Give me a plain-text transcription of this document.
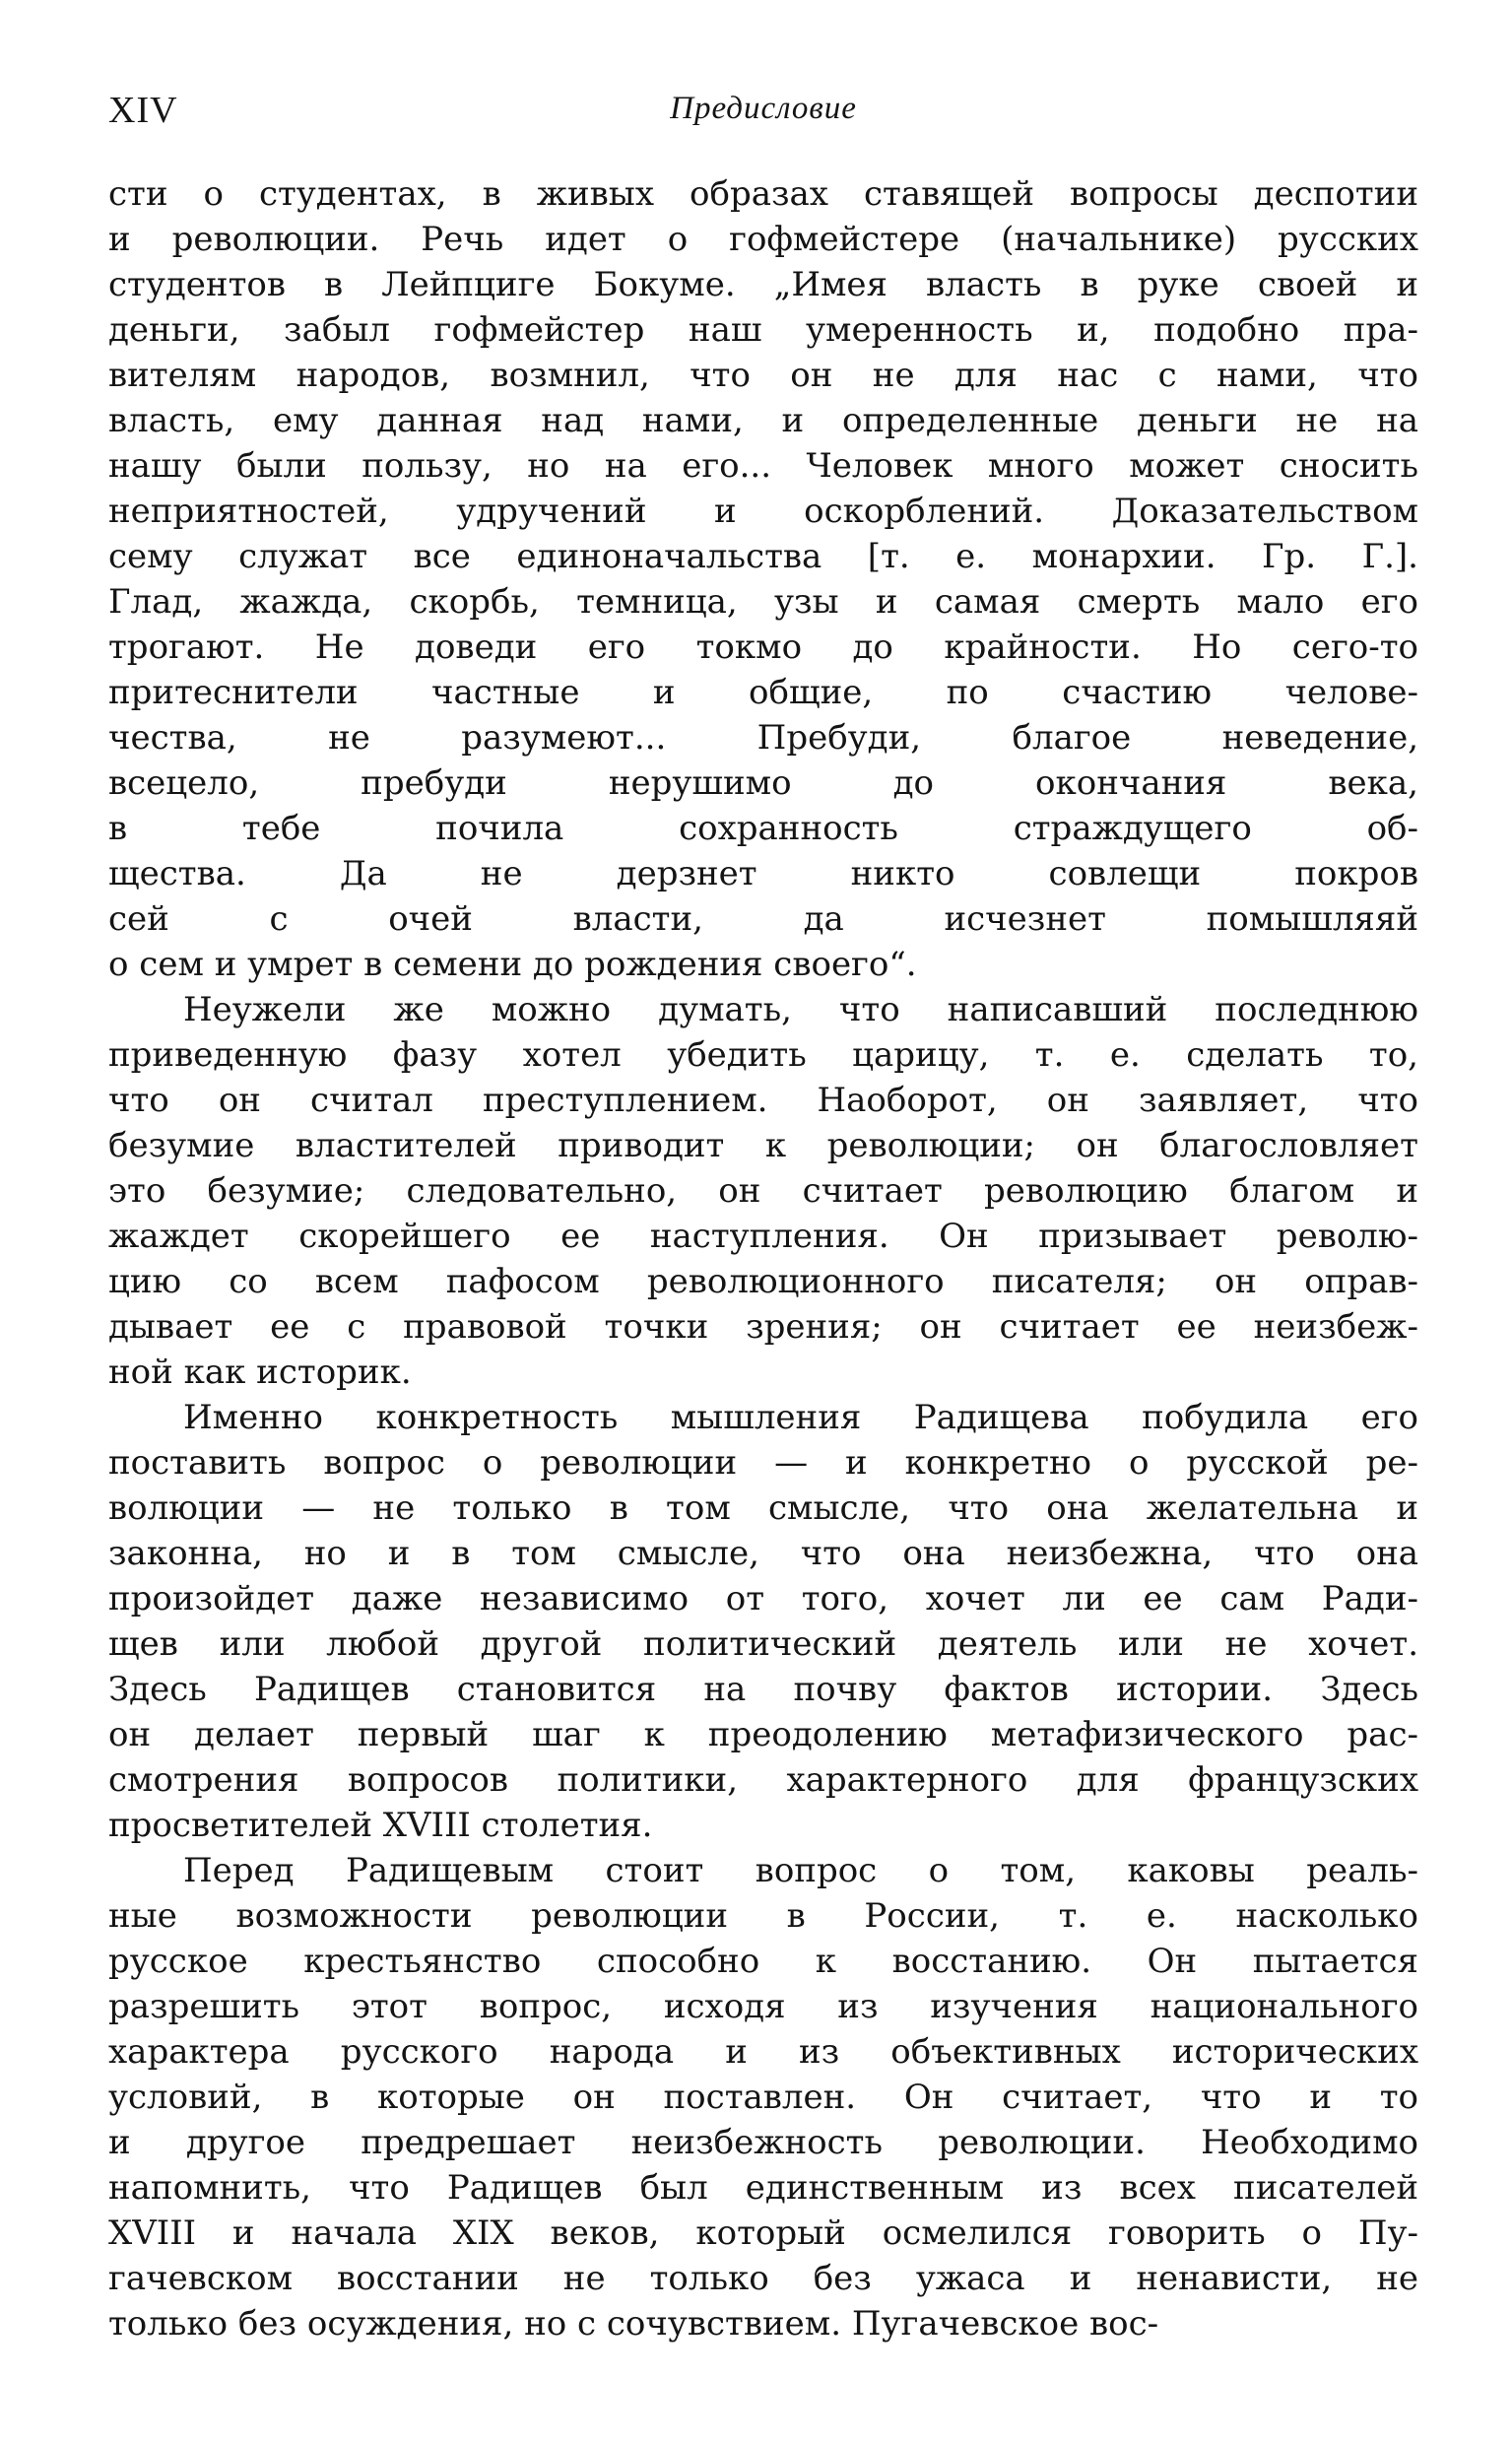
XIV	Предисловие
сти о студентах, в живых образах ставящей вопросы деспотии
и революции. Речь идет о гофмейстере (начальнике) русских
студентов в Лейпциге Бокуме. „Имея власть в руке своей и
деньги, забыл гофмейстер наш умеренность и, подобно пра-
вителям народов, возмнил, что он не для нас с нами, что
власть, ему данная над нами, и определенные деньги не на
нашу были пользу, но на его... Человек много может сносить
неприятностей, удручений и оскорблений. Доказательством
сему служат все единоначальства [т. е. монархии. Гр. Г.].
Глад, жажда, скорбь, темница, узы и самая смерть мало его
трогают. Не доведи его токмо до крайности. Но сего-то
притеснители частные и общие, по счастию челове-
чества, не разумеют... Пребуди, благое неведение,
всецело, пребуди нерушимо до окончания века,
в тебе почила сохранность страждущего об-
щества. Да не дерзнет никто совлещи покров
сей с очей власти, да исчезнет помышляяй
о сем и умрет в семени до рождения своего“.
Неужели же можно думать, что написавший последнюю
приведенную фазу хотел убедить царицу, т. е. сделать то,
что он считал преступлением. Наоборот, он заявляет, что
безумие властителей приводит к революции; он благословляет
это безумие; следовательно, он считает революцию благом и
жаждет скорейшего ее наступления. Он призывает револю-
цию со всем пафосом революционного писателя; он оправ-
дывает ее с правовой точки зрения; он считает ее неизбеж-
ной как историк.
Именно конкретность мышления Радищева побудила его
поставить вопрос о революции — и конкретно о русской ре-
волюции — не только в том смысле, что она желательна и
законна, но и в том смысле, что она неизбежна, что она
произойдет даже независимо от того, хочет ли ее сам Ради-
щев или любой другой политический деятель или не хочет.
Здесь Радищев становится на почву фактов истории. Здесь
он делает первый шаг к преодолению метафизического рас-
смотрения вопросов политики, характерного для французских
просветителей XVIII столетия.
Перед Радищевым стоит вопрос о том, каковы реаль-
ные возможности революции в России, т. е. насколько
русское крестьянство способно к восстанию. Он пытается
разрешить этот вопрос, исходя из изучения национального
характера русского народа и из объективных исторических
условий, в которые он поставлен. Он считает, что и то
и другое предрешает неизбежность революции. Необходимо
напомнить, что Радищев был единственным из всех писателей
XVIII и начала XIX веков, который осмелился говорить о Пу-
гачевском восстании не только без ужаса и ненависти, не
только без осуждения, но с сочувствием. Пугачевское вос-
